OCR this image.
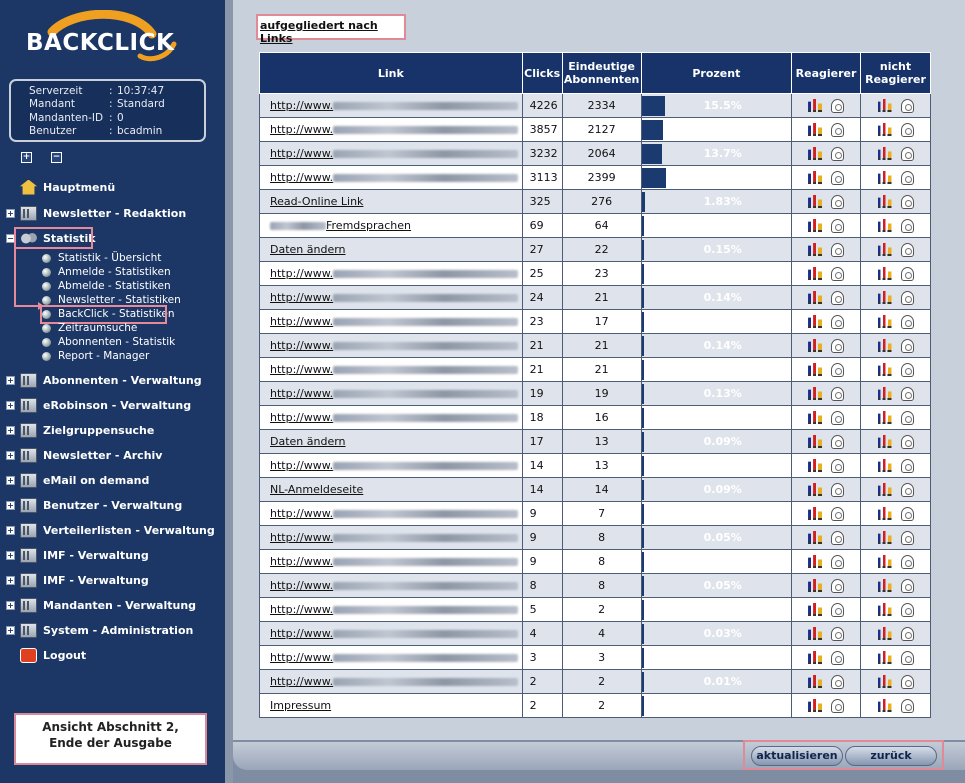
BACKCLICK
Serverzeit	: 10:37:47
Mandant	: Standard
Mandanten-ID : 0
Benutzer	: bcadmin
+ −
Hauptmenü
+	Newsletter - Redaktion
−	Statistik
Statistik - Übersicht
Anmelde - Statistiken
Abmelde - Statistiken
Newsletter - Statistiken
BackClick - Statistiken
Zeitraumsuche
Abonnenten - Statistik
Report - Manager
+	Abonnenten - Verwaltung
+	eRobinson - Verwaltung
+	Zielgruppensuche
+	Newsletter - Archiv
+	eMail on demand
+	Benutzer - Verwaltung
+	Verteilerlisten - Verwaltung
+	IMF - Verwaltung
+	IMF - Verwaltung
+	Mandanten - Verwaltung
+	System - Administration
Logout
Ansicht Abschnitt 2,
Ende der Ausgabe
aufgegliedert nach Links
Link	Clicks	Eindeutige
Abonnenten	Prozent	Reagierer	nicht
Reagierer
http://www.	4226	2334	15.5%		

http://www.	3857	2127	14.12%		

http://www.	3232	2064	13.7%		

http://www.	3113	2399	15.93%		

Read-Online Link	325	276	1.83%		

Fremdsprachen	69	64	0.42%		

Daten ändern	27	22	0.15%		

http://www.	25	23	0.15%		

http://www.	24	21	0.14%		

http://www.	23	17	0.11%		

http://www.	21	21	0.14%		

http://www.	21	21	0.14%		

http://www.	19	19	0.13%		

http://www.	18	16	0.11%		

Daten ändern	17	13	0.09%		

http://www.	14	13	0.09%		

NL-Anmeldeseite	14	14	0.09%		

http://www.	9	7	0.05%		

http://www.	9	8	0.05%		

http://www.	9	8	0.05%		

http://www.	8	8	0.05%		

http://www.	5	2	0.01%		

http://www.	4	4	0.03%		

http://www.	3	3	0.02%		

http://www.	2	2	0.01%		

Impressum	2	2	0.01%		

aktualisieren	zurück
